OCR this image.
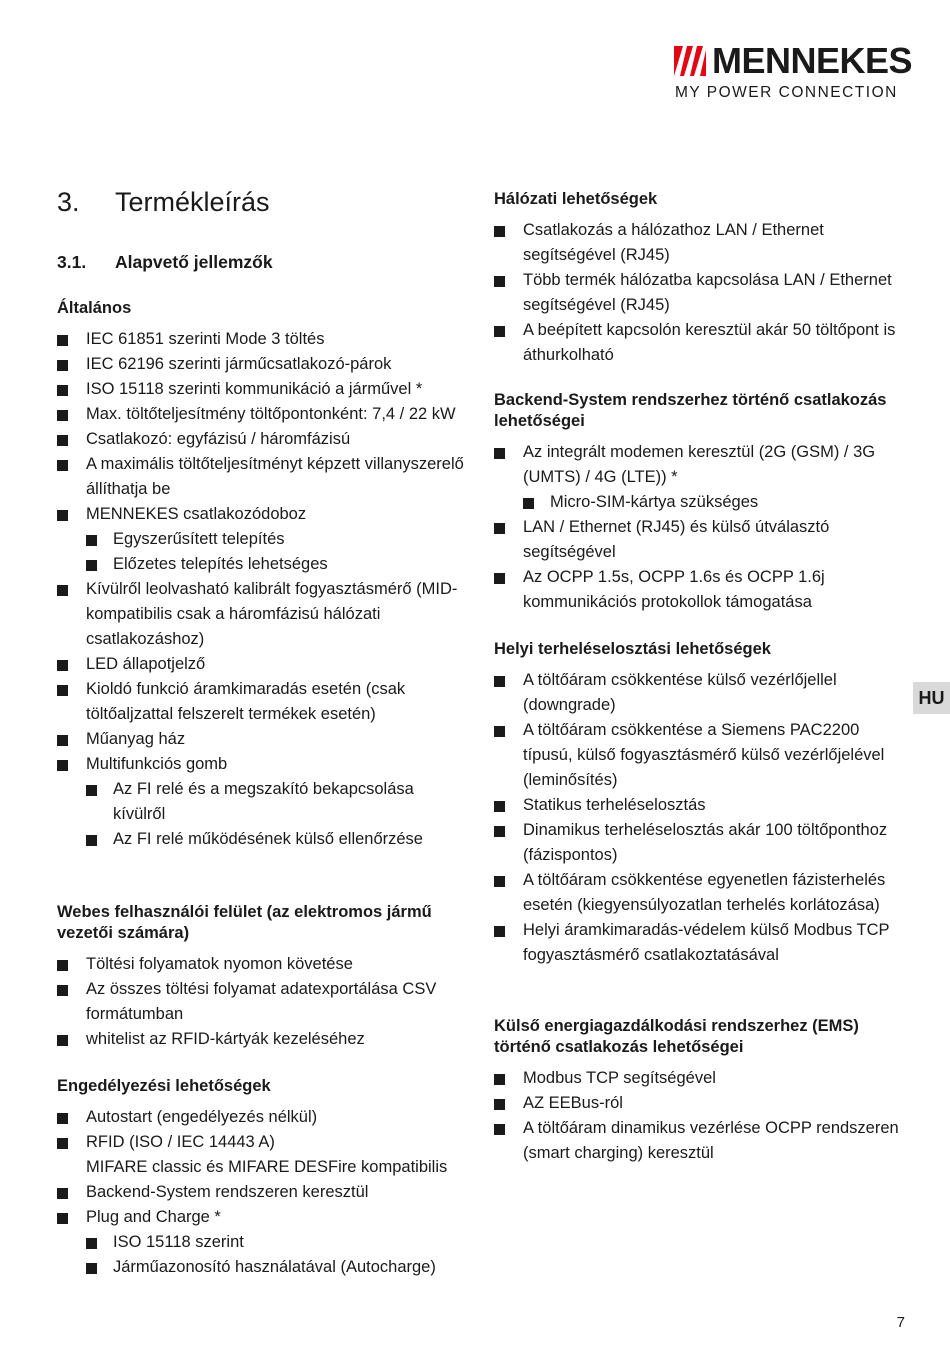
MENNEKES
MY POWER CONNECTION
3. Termékleírás
3.1. Alapvető jellemzők
Általános
IEC 61851 szerinti Mode 3 töltés
IEC 62196 szerinti járműcsatlakozó-párok
ISO 15118 szerinti kommunikáció a járművel *
Max. töltőteljesítmény töltőpontonként: 7,4 / 22 kW
Csatlakozó: egyfázisú / háromfázisú
A maximális töltőteljesítményt képzett villanyszerelő állíthatja be
MENNEKES csatlakozódoboz
Egyszerűsített telepítés
Előzetes telepítés lehetséges
Kívülről leolvasható kalibrált fogyasztásmérő (MID-kompatibilis csak a háromfázisú hálózati csatlakozáshoz)
LED állapotjelző
Kioldó funkció áramkimaradás esetén (csak töltőaljzattal felszerelt termékek esetén)
Műanyag ház
Multifunkciós gomb
Az FI relé és a megszakító bekapcsolása kívülről
Az FI relé működésének külső ellenőrzése
Webes felhasználói felület (az elektromos jármű vezetői számára)
Töltési folyamatok nyomon követése
Az összes töltési folyamat adatexportálása CSV formátumban
whitelist az RFID-kártyák kezeléséhez
Engedélyezési lehetőségek
Autostart (engedélyezés nélkül)
RFID (ISO / IEC 14443 A)
MIFARE classic és MIFARE DESFire kompatibilis
Backend-System rendszeren keresztül
Plug and Charge *
ISO 15118 szerint
Járműazonosító használatával (Autocharge)
Hálózati lehetőségek
Csatlakozás a hálózathoz LAN / Ethernet segítségével (RJ45)
Több termék hálózatba kapcsolása LAN / Ethernet segítségével (RJ45)
A beépített kapcsolón keresztül akár 50 töltőpont is áthurkolható
Backend-System rendszerhez történő csatlakozás lehetőségei
Az integrált modemen keresztül (2G (GSM) / 3G (UMTS) / 4G (LTE)) *
Micro-SIM-kártya szükséges
LAN / Ethernet (RJ45) és külső útválasztó segítségével
Az OCPP 1.5s, OCPP 1.6s és OCPP 1.6j kommunikációs protokollok támogatása
Helyi terheléselosztási lehetőségek
A töltőáram csökkentése külső vezérlőjellel (downgrade)
A töltőáram csökkentése a Siemens PAC2200 típusú, külső fogyasztásmérő külső vezérlőjelével (leminősítés)
Statikus terheléselosztás
Dinamikus terheléselosztás akár 100 töltőponthoz (fázispontos)
A töltőáram csökkentése egyenetlen fázisterhelés esetén (kiegyensúlyozatlan terhelés korlátozása)
Helyi áramkimaradás-védelem külső Modbus TCP fogyasztásmérő csatlakoztatásával
Külső energiagazdálkodási rendszerhez (EMS) történő csatlakozás lehetőségei
Modbus TCP segítségével
AZ EEBus-ról
A töltőáram dinamikus vezérlése OCPP rendszeren (smart charging) keresztül
HU
7
